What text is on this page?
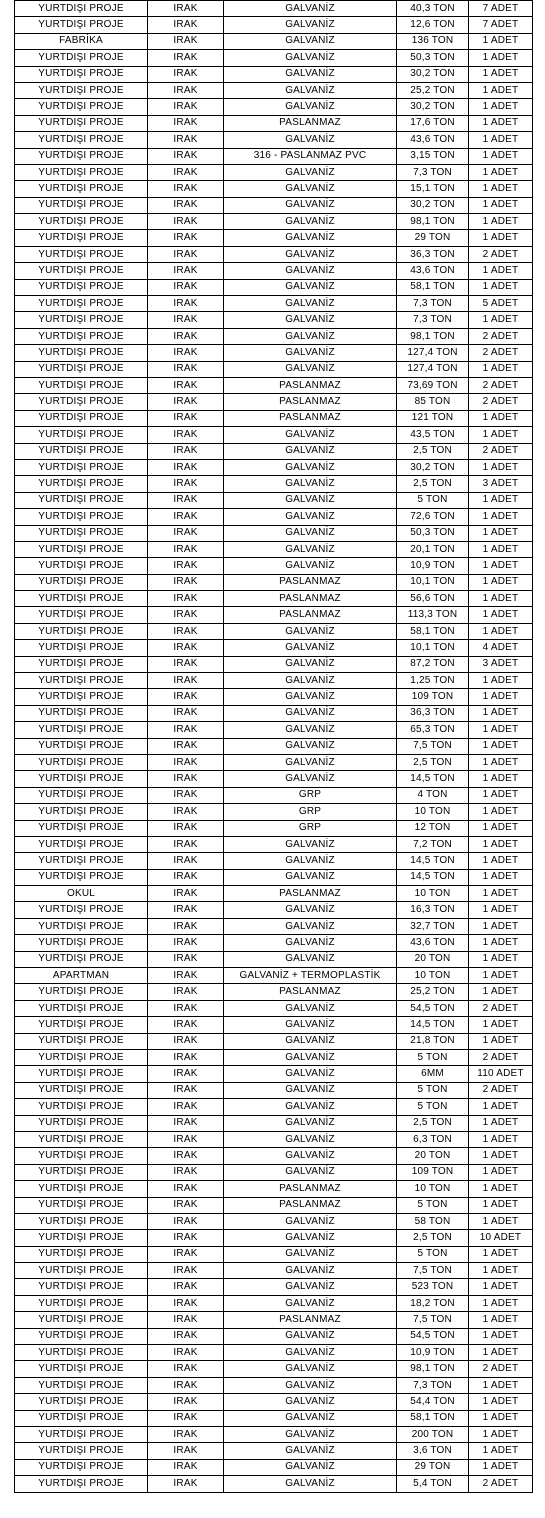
YURTDIŞI PROJE	IRAK	GALVANİZ	40,3 TON	7 ADET
YURTDIŞI PROJE	IRAK	GALVANİZ	12,6 TON	7 ADET
FABRİKA	IRAK	GALVANİZ	136 TON	1 ADET
YURTDIŞI PROJE	IRAK	GALVANİZ	50,3 TON	1 ADET
YURTDIŞI PROJE	IRAK	GALVANİZ	30,2 TON	1 ADET
YURTDIŞI PROJE	IRAK	GALVANİZ	25,2 TON	1 ADET
YURTDIŞI PROJE	IRAK	GALVANİZ	30,2 TON	1 ADET
YURTDIŞI PROJE	IRAK	PASLANMAZ	17,6 TON	1 ADET
YURTDIŞI PROJE	IRAK	GALVANİZ	43,6 TON	1 ADET
YURTDIŞI PROJE	IRAK	316 - PASLANMAZ PVC	3,15 TON	1 ADET
YURTDIŞI PROJE	IRAK	GALVANİZ	7,3 TON	1 ADET
YURTDIŞI PROJE	IRAK	GALVANİZ	15,1 TON	1 ADET
YURTDIŞI PROJE	IRAK	GALVANİZ	30,2 TON	1 ADET
YURTDIŞI PROJE	IRAK	GALVANİZ	98,1 TON	1 ADET
YURTDIŞI PROJE	IRAK	GALVANİZ	29 TON	1 ADET
YURTDIŞI PROJE	IRAK	GALVANİZ	36,3 TON	2 ADET
YURTDIŞI PROJE	IRAK	GALVANİZ	43,6 TON	1 ADET
YURTDIŞI PROJE	IRAK	GALVANİZ	58,1 TON	1 ADET
YURTDIŞI PROJE	IRAK	GALVANİZ	7,3 TON	5 ADET
YURTDIŞI PROJE	IRAK	GALVANİZ	7,3 TON	1 ADET
YURTDIŞI PROJE	IRAK	GALVANİZ	98,1 TON	2 ADET
YURTDIŞI PROJE	IRAK	GALVANİZ	127,4 TON	2 ADET
YURTDIŞI PROJE	IRAK	GALVANİZ	127,4 TON	1 ADET
YURTDIŞI PROJE	IRAK	PASLANMAZ	73,69 TON	2 ADET
YURTDIŞI PROJE	IRAK	PASLANMAZ	85 TON	2 ADET
YURTDIŞI PROJE	IRAK	PASLANMAZ	121 TON	1 ADET
YURTDIŞI PROJE	IRAK	GALVANİZ	43,5 TON	1 ADET
YURTDIŞI PROJE	IRAK	GALVANİZ	2,5 TON	2 ADET
YURTDIŞI PROJE	IRAK	GALVANİZ	30,2 TON	1 ADET
YURTDIŞI PROJE	IRAK	GALVANİZ	2,5 TON	3 ADET
YURTDIŞI PROJE	IRAK	GALVANİZ	5 TON	1 ADET
YURTDIŞI PROJE	IRAK	GALVANİZ	72,6 TON	1 ADET
YURTDIŞI PROJE	IRAK	GALVANİZ	50,3 TON	1 ADET
YURTDIŞI PROJE	IRAK	GALVANİZ	20,1 TON	1 ADET
YURTDIŞI PROJE	IRAK	GALVANİZ	10,9 TON	1 ADET
YURTDIŞI PROJE	IRAK	PASLANMAZ	10,1 TON	1 ADET
YURTDIŞI PROJE	IRAK	PASLANMAZ	56,6 TON	1 ADET
YURTDIŞI PROJE	IRAK	PASLANMAZ	113,3 TON	1 ADET
YURTDIŞI PROJE	IRAK	GALVANİZ	58,1 TON	1 ADET
YURTDIŞI PROJE	IRAK	GALVANİZ	10,1 TON	4 ADET
YURTDIŞI PROJE	IRAK	GALVANİZ	87,2 TON	3 ADET
YURTDIŞI PROJE	IRAK	GALVANİZ	1,25 TON	1 ADET
YURTDIŞI PROJE	IRAK	GALVANİZ	109 TON	1 ADET
YURTDIŞI PROJE	IRAK	GALVANİZ	36,3 TON	1 ADET
YURTDIŞI PROJE	IRAK	GALVANİZ	65,3 TON	1 ADET
YURTDIŞI PROJE	IRAK	GALVANİZ	7,5 TON	1 ADET
YURTDIŞI PROJE	IRAK	GALVANİZ	2,5 TON	1 ADET
YURTDIŞI PROJE	IRAK	GALVANİZ	14,5 TON	1 ADET
YURTDIŞI PROJE	IRAK	GRP	4 TON	1 ADET
YURTDIŞI PROJE	IRAK	GRP	10 TON	1 ADET
YURTDIŞI PROJE	IRAK	GRP	12 TON	1 ADET
YURTDIŞI PROJE	IRAK	GALVANİZ	7,2 TON	1 ADET
YURTDIŞI PROJE	IRAK	GALVANİZ	14,5 TON	1 ADET
YURTDIŞI PROJE	IRAK	GALVANİZ	14,5 TON	1 ADET
OKUL	IRAK	PASLANMAZ	10 TON	1 ADET
YURTDIŞI PROJE	IRAK	GALVANİZ	16,3 TON	1 ADET
YURTDIŞI PROJE	IRAK	GALVANİZ	32,7 TON	1 ADET
YURTDIŞI PROJE	IRAK	GALVANİZ	43,6 TON	1 ADET
YURTDIŞI PROJE	IRAK	GALVANİZ	20 TON	1 ADET
APARTMAN	IRAK	GALVANİZ + TERMOPLASTİK	10 TON	1 ADET
YURTDIŞI PROJE	IRAK	PASLANMAZ	25,2 TON	1 ADET
YURTDIŞI PROJE	IRAK	GALVANİZ	54,5 TON	2 ADET
YURTDIŞI PROJE	IRAK	GALVANİZ	14,5 TON	1 ADET
YURTDIŞI PROJE	IRAK	GALVANİZ	21,8 TON	1 ADET
YURTDIŞI PROJE	IRAK	GALVANİZ	5 TON	2 ADET
YURTDIŞI PROJE	IRAK	GALVANİZ	6MM	110 ADET
YURTDIŞI PROJE	IRAK	GALVANİZ	5 TON	2 ADET
YURTDIŞI PROJE	IRAK	GALVANİZ	5 TON	1 ADET
YURTDIŞI PROJE	IRAK	GALVANİZ	2,5 TON	1 ADET
YURTDIŞI PROJE	IRAK	GALVANİZ	6,3 TON	1 ADET
YURTDIŞI PROJE	IRAK	GALVANİZ	20 TON	1 ADET
YURTDIŞI PROJE	IRAK	GALVANİZ	109 TON	1 ADET
YURTDIŞI PROJE	IRAK	PASLANMAZ	10 TON	1 ADET
YURTDIŞI PROJE	IRAK	PASLANMAZ	5 TON	1 ADET
YURTDIŞI PROJE	IRAK	GALVANİZ	58 TON	1 ADET
YURTDIŞI PROJE	IRAK	GALVANİZ	2,5 TON	10 ADET
YURTDIŞI PROJE	IRAK	GALVANİZ	5 TON	1 ADET
YURTDIŞI PROJE	IRAK	GALVANİZ	7,5 TON	1 ADET
YURTDIŞI PROJE	IRAK	GALVANİZ	523 TON	1 ADET
YURTDIŞI PROJE	IRAK	GALVANİZ	18,2 TON	1 ADET
YURTDIŞI PROJE	IRAK	PASLANMAZ	7,5 TON	1 ADET
YURTDIŞI PROJE	IRAK	GALVANİZ	54,5 TON	1 ADET
YURTDIŞI PROJE	IRAK	GALVANİZ	10,9 TON	1 ADET
YURTDIŞI PROJE	IRAK	GALVANİZ	98,1 TON	2 ADET
YURTDIŞI PROJE	IRAK	GALVANİZ	7,3 TON	1 ADET
YURTDIŞI PROJE	IRAK	GALVANİZ	54,4 TON	1 ADET
YURTDIŞI PROJE	IRAK	GALVANİZ	58,1 TON	1 ADET
YURTDIŞI PROJE	IRAK	GALVANİZ	200 TON	1 ADET
YURTDIŞI PROJE	IRAK	GALVANİZ	3,6 TON	1 ADET
YURTDIŞI PROJE	IRAK	GALVANİZ	29 TON	1 ADET
YURTDIŞI PROJE	IRAK	GALVANİZ	5,4 TON	2 ADET
